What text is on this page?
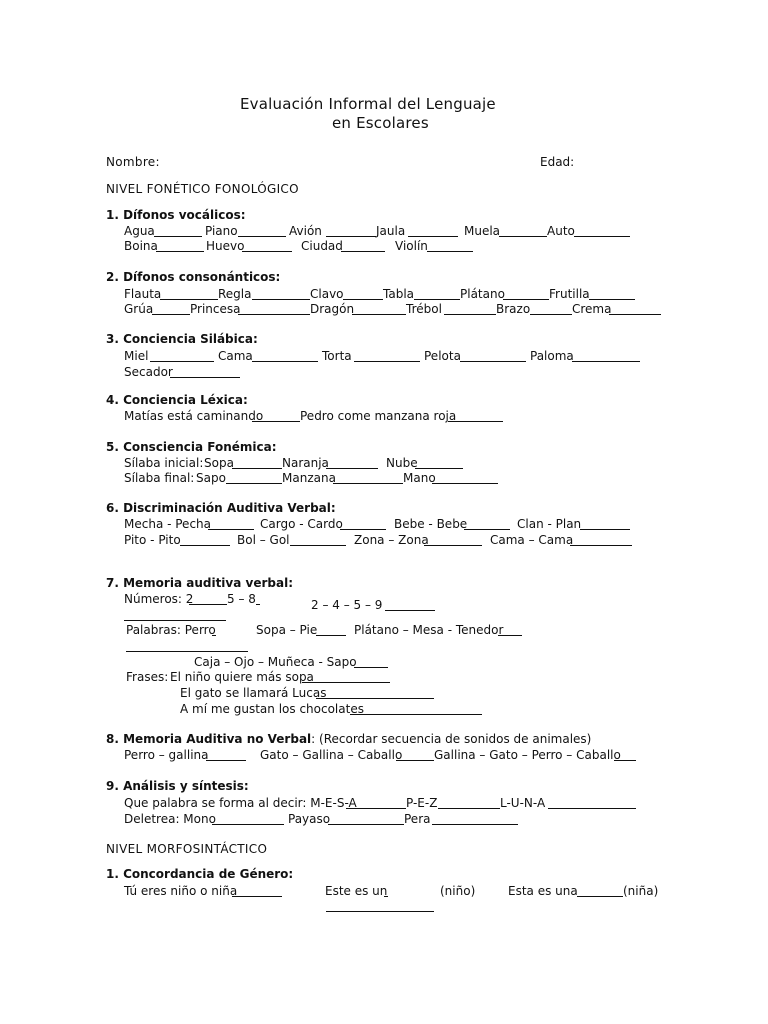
Evaluación Informal del Lenguaje
en Escolares
Nombre:	Edad:
NIVEL FONÉTICO FONOLÓGICO
1. Dífonos vocálicos:
Agua	Piano	Avión	Jaula	Muela	Auto
Boina	Huevo	Ciudad	Violín
2. Dífonos consonánticos:
Flauta	Regla	Clavo	Tabla	Plátano	Frutilla
Grúa	Princesa	Dragón	Trébol	Brazo	Crema
3. Conciencia Silábica:
Miel	Cama	Torta	Pelota	Paloma
Secador
4. Conciencia Léxica:
Matías está caminando	Pedro come manzana roja
5. Consciencia Fonémica:
Sílaba inicial: Sopa	Naranja	Nube
Sílaba final: Sapo	Manzana	Mano
6. Discriminación Auditiva Verbal:
Mecha - Pecha	Cargo - Cardo	Bebe - Bebe	Clan - Plan
Pito - Pito	Bol – Gol	Zona – Zona	Cama – Cama
7. Memoria auditiva verbal:
Números: 2	5 – 8	2 – 4 – 5 – 9
Palabras: Perro	Sopa – Pie	Plátano – Mesa - Tenedor
Caja – Ojo – Muñeca - Sapo
Frases: El niño quiere más sopa
El gato se llamará Lucas
A mí me gustan los chocolates
8. Memoria Auditiva no Verbal: (Recordar secuencia de sonidos de animales)
Perro – gallina	Gato – Gallina – Caballo	Gallina – Gato – Perro – Caballo
9. Análisis y síntesis:
Que palabra se forma al decir: M-E-S-A	P-E-Z	L-U-N-A
Deletrea: Mono	Payaso	Pera
NIVEL MORFOSINTÁCTICO
1. Concordancia de Género:
Tú eres niño o niña	Este es un	(niño)	Esta es una	(niña)
